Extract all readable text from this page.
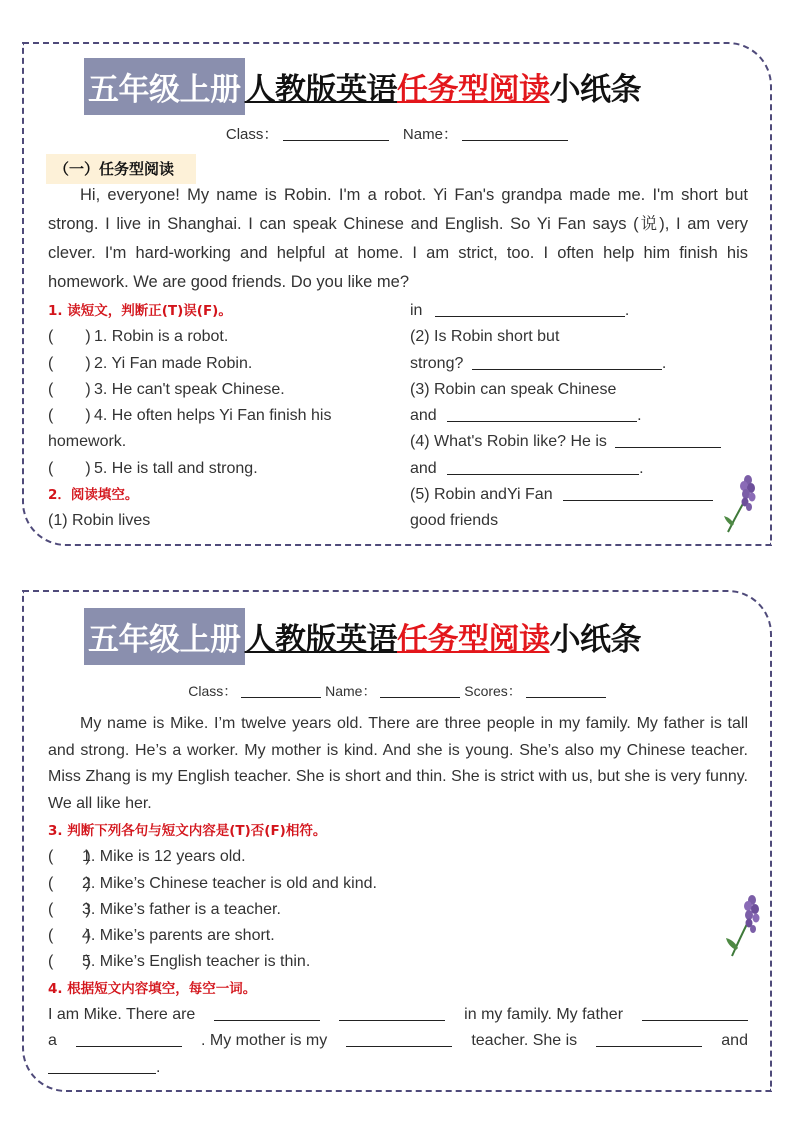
五年级上册 人教版英语 任务型阅读 小纸条
Class：	Name：
（一）任务型阅读
Hi, everyone! My name is Robin. I'm a robot. Yi Fan's grandpa made me. I'm short but strong. I live in Shanghai. I can speak Chinese and English. So Yi Fan says (说), I am very clever. I'm hard-working and helpful at home. I am strict, too. I often help him finish his homework. We are good friends. Do you like me?
1. 读短文，判断正(T)误(F)。
(　　) 1. Robin is a robot.
(　　) 2. Yi Fan made Robin.
(　　) 3. He can't speak Chinese.
(　　) 4. He often helps Yi Fan finish his
homework.
(　　) 5. He is tall and strong.
2．阅读填空。
(1) Robin lives
in	.
(2) Is Robin short but
strong?	.
(3) Robin can speak Chinese
and	.
(4) What's Robin like? He is
and	.
(5) Robin andYi Fan
good friends
五年级上册 人教版英语 任务型阅读 小纸条
Class：	Name：	Scores：
My name is Mike. I’m twelve years old. There are three people in my family. My father is tall and strong. He’s a worker. My mother is kind. And she is young. She’s also my Chinese teacher. Miss Zhang is my English teacher. She is short and thin. She is strict with us, but she is very funny. We all like her.
3. 判断下列各句与短文内容是(T)否(F)相符。
(　　)1. Mike is 12 years old.
(　　)2. Mike’s Chinese teacher is old and kind.
(　　)3. Mike’s father is a teacher.
(　　)4. Mike’s parents are short.
(　　)5. Mike’s English teacher is thin.
4. 根据短文内容填空，每空一词。
I am Mike. There are	in my family. My father
a	. My mother is my	teacher. She is	and
.
